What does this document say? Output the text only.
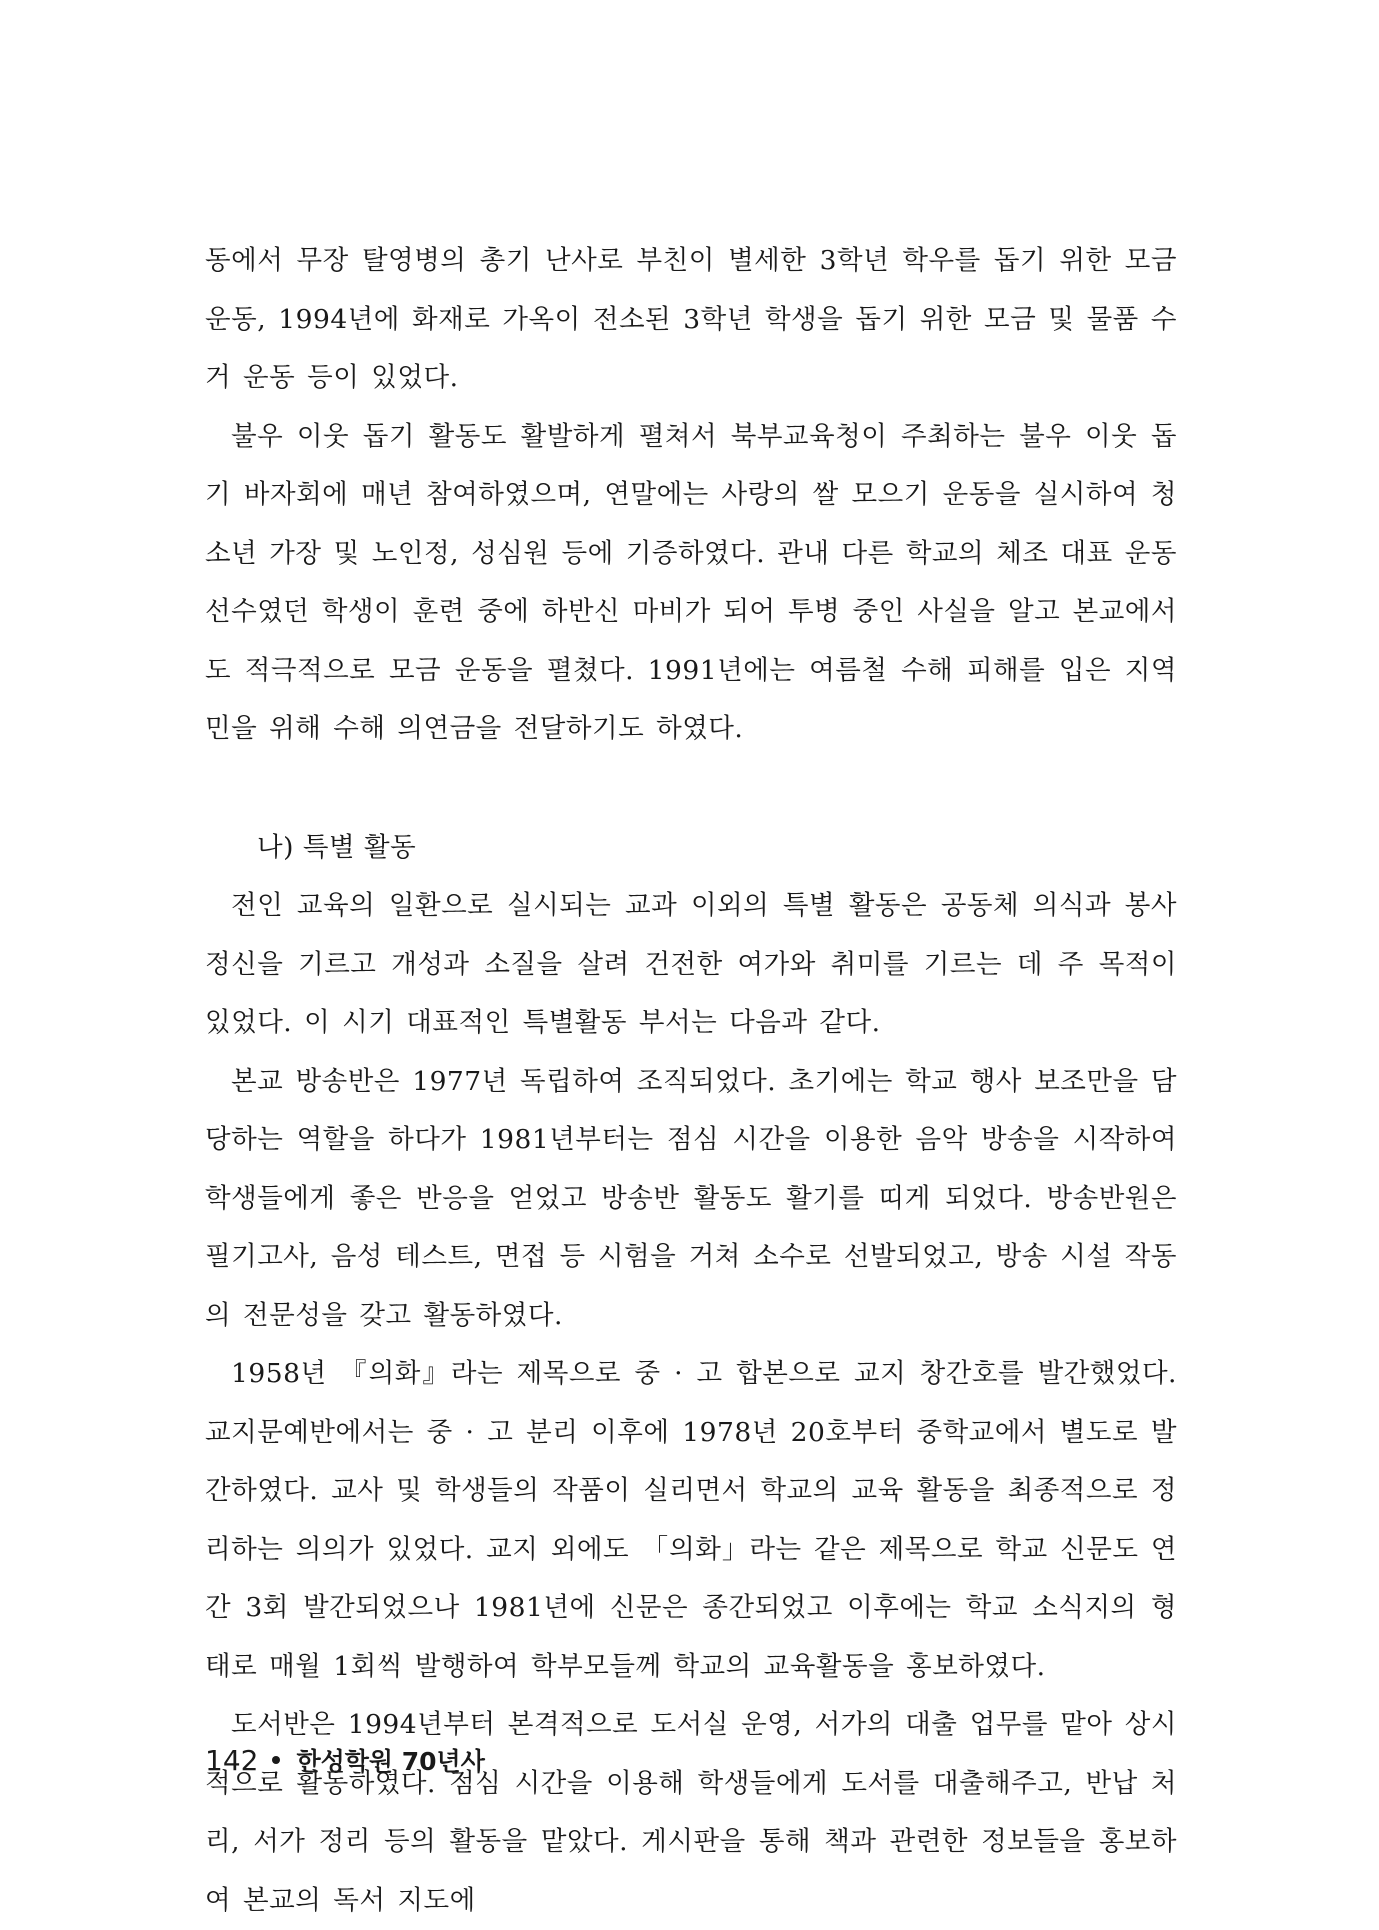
동에서 무장 탈영병의 총기 난사로 부친이 별세한 3학년 학우를 돕기 위한 모금 운동, 1994년에 화재로 가옥이 전소된 3학년 학생을 돕기 위한 모금 및 물품 수거 운동 등이 있었다.

불우 이웃 돕기 활동도 활발하게 펼쳐서 북부교육청이 주최하는 불우 이웃 돕기 바자회에 매년 참여하였으며, 연말에는 사랑의 쌀 모으기 운동을 실시하여 청소년 가장 및 노인정, 성심원 등에 기증하였다. 관내 다른 학교의 체조 대표 운동 선수였던 학생이 훈련 중에 하반신 마비가 되어 투병 중인 사실을 알고 본교에서도 적극적으로 모금 운동을 펼쳤다. 1991년에는 여름철 수해 피해를 입은 지역민을 위해 수해 의연금을 전달하기도 하였다.

나) 특별 활동

전인 교육의 일환으로 실시되는 교과 이외의 특별 활동은 공동체 의식과 봉사 정신을 기르고 개성과 소질을 살려 건전한 여가와 취미를 기르는 데 주 목적이 있었다. 이 시기 대표적인 특별활동 부서는 다음과 같다.

본교 방송반은 1977년 독립하여 조직되었다. 초기에는 학교 행사 보조만을 담당하는 역할을 하다가 1981년부터는 점심 시간을 이용한 음악 방송을 시작하여 학생들에게 좋은 반응을 얻었고 방송반 활동도 활기를 띠게 되었다. 방송반원은 필기고사, 음성 테스트, 면접 등 시험을 거쳐 소수로 선발되었고, 방송 시설 작동의 전문성을 갖고 활동하였다.

1958년 『의화』라는 제목으로 중 · 고 합본으로 교지 창간호를 발간했었다. 교지문예반에서는 중 · 고 분리 이후에 1978년 20호부터 중학교에서 별도로 발간하였다. 교사 및 학생들의 작품이 실리면서 학교의 교육 활동을 최종적으로 정리하는 의의가 있었다. 교지 외에도 「의화」라는 같은 제목으로 학교 신문도 연간 3회 발간되었으나 1981년에 신문은 종간되었고 이후에는 학교 소식지의 형태로 매월 1회씩 발행하여 학부모들께 학교의 교육활동을 홍보하였다.

도서반은 1994년부터 본격적으로 도서실 운영, 서가의 대출 업무를 맡아 상시적으로 활동하였다. 점심 시간을 이용해 학생들에게 도서를 대출해주고, 반납 처리, 서가 정리 등의 활동을 맡았다. 게시판을 통해 책과 관련한 정보들을 홍보하여 본교의 독서 지도에

142 한성학원 70년사
